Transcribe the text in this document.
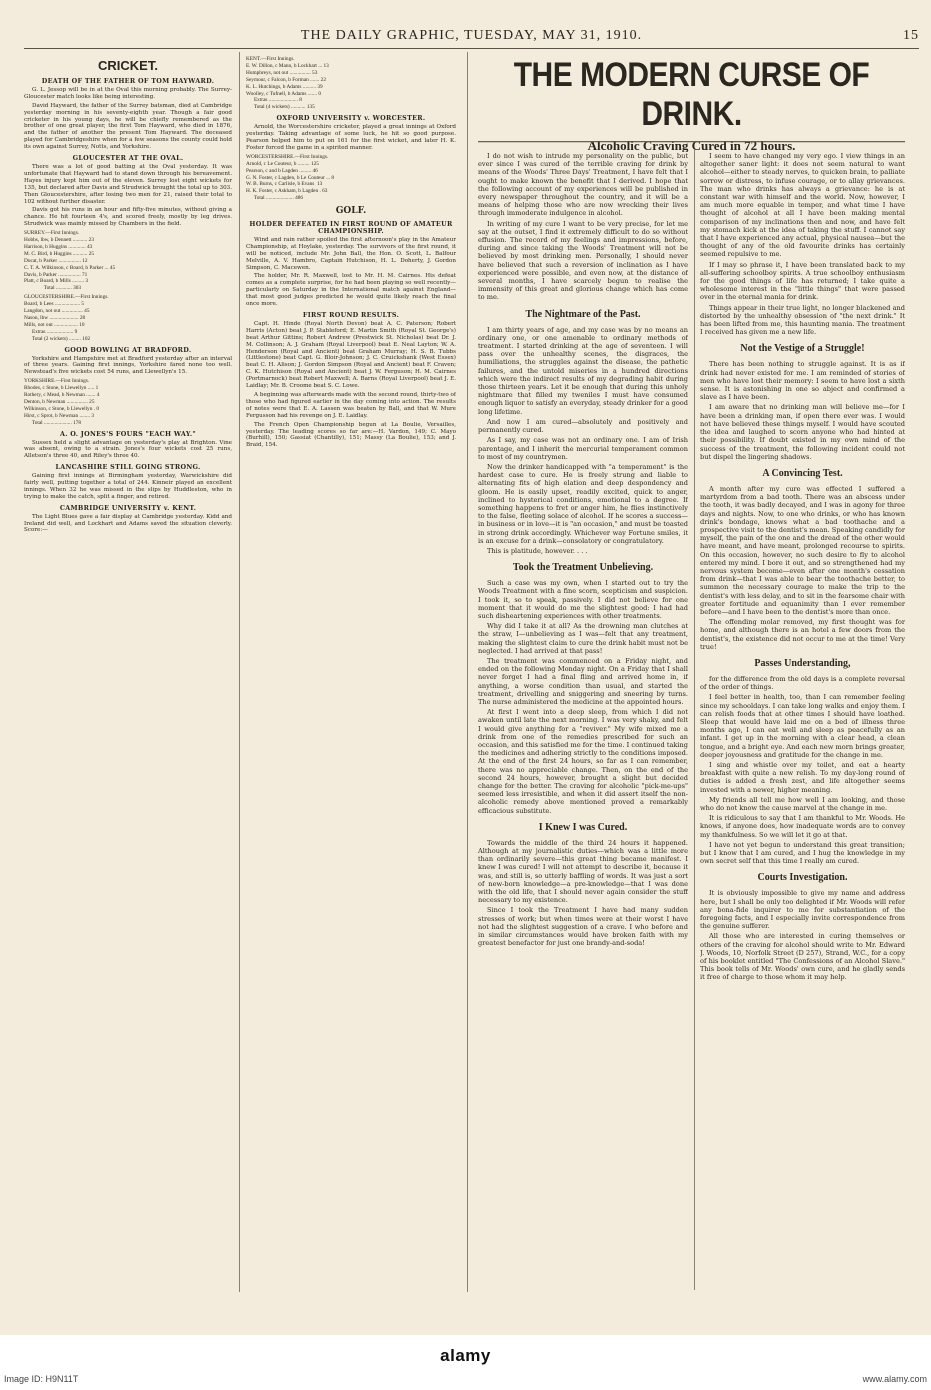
THE DAILY GRAPHIC, TUESDAY, MAY 31, 1910.	15
CRICKET.
DEATH OF THE FATHER OF TOM HAYWARD.

G. L. Jessop will be in at the Oval this morning probably. The Surrey-Gloucester match looks like being interesting.

David Hayward, the father of the Surrey batsman, died at Cambridge yesterday morning in his seventy-eighth year. Though a fair good cricketer in his young days, he will be chiefly remembered as the brother of one great player, the first Tom Hayward, who died in 1876, and the father of another the present Tom Hayward. The deceased played for Cambridgeshire when for a few seasons the county could hold its own against Surrey, Notts, and Yorkshire.

GLOUCESTER AT THE OVAL.

There was a lot of good batting at the Oval yesterday. It was unfortunate that Hayward had to stand down through his bereavement. Hayes injury kept him out of the eleven. Surrey lost eight wickets for 135, but declared after Davis and Strudwick brought the total up to 303. Then Gloucestershire, after losing two men for 21, raised their total to 102 without further disaster.

Davis got his runs in an hour and fifty-five minutes, without giving a chance. He hit fourteen 4's, and scored freely, mostly by leg drives. Strudwick was mainly missed by Chambers in the field.

SURREY.—First Innings.
Hobbs, lbw, b Dennett ........... 23
Harrison, b Huggins ............. 43
M. C. Bird, b Huggins ........... 25
Ducat, b Parker ................. 12
C. T. A. Wilkinson, c Board, b Parker ... 45
Davis, b Parker ................. 71
Platt, c Board, b Mills ......... 3
Total ............ 303

GLOUCESTERSHIRE.—First Innings.
Board, b Lees ................... 5
Langdon, not out ................ 45
Nason, lbw ...................... 28
Mills, not out .................. 10
Extras .................... 9
Total (2 wickets) ......... 102

GOOD BOWLING AT BRADFORD.

Yorkshire and Hampshire met at Bradford yesterday after an interval of three years. Gaining first innings, Yorkshire fared none too well. Newstead's five wickets cost 54 runs, and Llewellyn's 15.

YORKSHIRE.—First Innings.
Rhodes, c Stone, b Llewellyn ..... 1
Rothery, c Mead, b Newman ....... 4
Denton, b Newman ................ 25
Wilkinson, c Stone, b Llewellyn . 0
Hirst, c Sprot, b Newman ........ 3
Total ..................... 178

A. O. JONES'S FOURS "EACH WAY."

Sussex held a slight advantage on yesterday's play at Brighton. Vine was absent, owing to a strain. Jones's four wickets cost 25 runs, Alletson's three 40, and Riley's three 40.

LANCASHIRE STILL GOING STRONG.

Gaining first innings at Birmingham yesterday, Warwickshire did fairly well, putting together a total of 244. Kinneir played an excellent innings. When 32 he was missed in the slips by Huddleston, who in trying to make the catch, split a finger, and retired.

CAMBRIDGE UNIVERSITY v. KENT.

The Light Blues gave a fair display at Cambridge yesterday. Kidd and Ireland did well, and Lockhart and Adams saved the situation cleverly. Score:—

KENT.—First Innings.
E. W. Dillon, c Mann, b Lockhart ... 13
Humphreys, not out ................ 53
Seymour, c Falcon, b Forman ....... 22
K. L. Hutchings, b Adams .......... 39
Woolley, c Tufnell, b Adams ....... 0
Extras ...................... 8
Total (4 wickets) ........... 135

OXFORD UNIVERSITY v. WORCESTER.

Arnold, the Worcestershire cricketer, played a great innings at Oxford yesterday. Taking advantage of some luck, he hit so good purpose. Pearson helped him to put on 161 for the first wicket, and later H. K. Foster forced the game in a spirited manner.

WORCESTERSHIRE.—First Innings.
Arnold, c Le Couteur, b ......... 125
Pearson, c and b Lagden ......... 46
G. N. Foster, c Lagden, b Le Couteur ... 8
W. B. Burns, c Carlisle, b Evans  13
H. K. Foster, c Askham, b Lagden . 63
Total ..................... 486

GOLF.
HOLDER DEFEATED IN FIRST ROUND OF AMATEUR CHAMPIONSHIP.

Wind and rain rather spoiled the first afternoon's play in the Amateur Championship, at Hoylake, yesterday. The survivors of the first round, it will be noticed, include Mr. John Ball, the Hon. O. Scott, L. Balfour Melville, A. V. Hambro, Captain Hutchison, H. L. Doherty, J. Gordon Simpson, C. Macewen.

The holder, Mr. R. Maxwell, lost to Mr. H. M. Cairnes. His defeat comes as a complete surprise, for he had been playing so well recently—particularly on Saturday in the International match against England—that most good judges predicted he would quite likely reach the final once more.

FIRST ROUND RESULTS.

Capt. H. Hinde (Royal North Devon) beat A. C. Paterson; Robert Harris (Acton) beat J. P. Stableford; E. Martin Smith (Royal St. George's) beat Arthur Gittins; Robert Andrew (Prestwick St. Nicholas) beat Dr. J. M. Collinson; A. J. Graham (Royal Liverpool) beat E. Neal Layton; W. A. Henderson (Royal and Ancient) beat Graham Murray; H. S. B. Tubbs (Littlestone) beat Capt. G. Bloir-Johnson; J. C. Cruickshank (West Essex) beat C. H. Alison; J. Gordon Simpson (Royal and Ancient) beat F. Craven; C. K. Hutchison (Royal and Ancient) beat J. W. Ferguson; H. M. Cairnes (Portmarnock) beat Robert Maxwell; A. Barns (Royal Liverpool) beat J. E. Laidlay; Mr. B. Croome beat S. C. Lowe.

A beginning was afterwards made with the second round, thirty-two of those who had figured earlier in the day coming into action. The results of notes were that E. A. Lassen was beaten by Ball, and that W. Mure Fergusson had his revenge on J. E. Laidlay.

The French Open Championship begun at La Boulie, Versailles, yesterday. The leading scores so far are:—H. Vardon, 149; C. Mayo (Burhill), 150; Gassiat (Chantilly), 151; Massy (La Boulie), 153; and J. Braid, 154.

THE MODERN CURSE OF DRINK.
Alcoholic Craving Cured in 72 hours.

I do not wish to intrude my personality on the public, but ever since I was cured of the terrible craving for drink by means of the Woods' Three Days' Treatment, I have felt that I ought to make known the benefit that I derived. I hope that the following account of my experiences will be published in every newspaper throughout the country, and it will be a means of helping those who are now wrecking their lives through immoderate indulgence in alcohol.

In writing of my cure I want to be very precise, for let me say at the outset, I find it extremely difficult to do so without effusion. The record of my feelings and impressions, before, during and since taking the Woods' Treatment will not be believed by most drinking men. Personally, I should never have believed that such a reversion of inclination as I have experienced were possible, and even now, at the distance of several months, I have scarcely begun to realise the immensity of this great and glorious change which has come to me.

The Nightmare of the Past.

I am thirty years of age, and my case was by no means an ordinary one, or one amenable to ordinary methods of treatment. I started drinking at the age of seventeen. I will pass over the unhealthy scenes, the disgraces, the humiliations, the struggles against the disease, the pathetic failures, and the untold miseries in a hundred directions which were the indirect results of my degrading habit during those thirteen years. Let it be enough that during this unholy nightmare that filled my tweniles I must have consumed enough liquor to satisfy an everyday, steady drinker for a good long lifetime.

And now I am cured—absolutely and positively and permanently cured.

As I say, my case was not an ordinary one. I am of Irish parentage, and I inherit the mercurial temperament common to most of my countrymen.

Now the drinker handicapped with "a temperament" is the hardest case to cure. He is freely strung and liable to alternating fits of high elation and deep despondency and gloom. He is easily upset, readily excited, quick to anger, inclined to hysterical conditions, emotional to a degree. If something happens to fret or anger him, he flies instinctively to the false, fleeting solace of alcohol. If he scores a success—in business or in love—it is "an occasion," and must be toasted in strong drink accordingly. Whichever way Fortune smiles, it is an excuse for a drink—consolatory or congratulatory.

This is platitude, however. . . .

Took the Treatment Unbelieving.

Such a case was my own, when I started out to try the Woods Treatment with a fine scorn, scepticism and suspicion. I took it, so to speak, passively. I did not believe for one moment that it would do me the slightest good: I had had such disheartening experiences with other treatments.

Why did I take it at all? As the drowning man clutches at the straw, I—unbelieving as I was—felt that any treatment, making the slightest claim to cure the drink habit must not be neglected. I had arrived at that pass!

The treatment was commenced on a Friday night, and ended on the following Monday night. On a Friday that I shall never forget I had a final fling and arrived home in, if anything, a worse condition than usual, and started the treatment, drivelling and sniggering and sneering by turns. The nurse administered the medicine at the appointed hours.

At first I went into a deep sleep, from which I did not awaken until late the next morning. I was very shaky, and felt I would give anything for a "reviver." My wife mixed me a drink from one of the remedies prescribed for such an occasion, and this satisfied me for the time. I continued taking the medicines and adhering strictly to the conditions imposed. At the end of the first 24 hours, so far as I can remember, there was no appreciable change. Then, on the end of the second 24 hours, however, brought a slight but decided change for the better. The craving for alcoholic "pick-me-ups" seemed less irresistible, and when it did assert itself the non-alcoholic remedy above mentioned proved a remarkably efficacious substitute.

I Knew I was Cured.

Towards the middle of the third 24 hours it happened. Although at my journalistic duties—which was a little more than ordinarily severe—this great thing became manifest. I knew I was cured! I will not attempt to describe it, because it was, and still is, so utterly baffling of words. It was just a sort of new-born knowledge—a pre-knowledge—that I was done with the old life, that I should never again consider the stuff necessary to my existence.

Since I took the Treatment I have had many sudden stresses of work; but when times were at their worst I have not had the slightest suggestion of a crave. I who before and in similar circumstances would have broken faith with my greatest benefactor for just one brandy-and-soda!

I seem to have changed my very ego. I view things in an altogether saner light: it does not seem natural to want alcohol—either to steady nerves, to quicken brain, to palliate sorrow or distress, to infuse courage, or to allay grievances. The man who drinks has always a grievance: he is at constant war with himself and the world. Now, however, I am much more equable in temper, and what time I have thought of alcohol at all I have been making mental comparison of my inclinations then and now, and have felt my stomach kick at the idea of taking the stuff. I cannot say that I have experienced any actual, physical nausea—but the thought of any of the old favourite drinks has certainly seemed repulsive to me.

If I may so phrase it, I have been translated back to my all-suffering schoolboy spirits. A true schoolboy enthusiasm for the good things of life has returned; I take quite a wholesome interest in the "little things" that were passed over in the eternal mania for drink.

Things appear in their true light, no longer blackened and distorted by the unhealthy obsession of "the next drink." It has been lifted from me, this haunting mania. The treatment I received has given me a new life.

Not the Vestige of a Struggle!

There has been nothing to struggle against. It is as if drink had never existed for me. I am reminded of stories of men who have lost their memory: I seem to have lost a sixth sense. It is astonishing in one so abject and confirmed a slave as I have been.

I am aware that no drinking man will believe me—for I have been a drinking man, if open there ever was. I would not have believed these things myself. I would have scouted the idea and laughed to scorn anyone who had hinted at their possibility. If doubt existed in my own mind of the success of the treatment, the following incident could not but dispel the lingering shadows.

A Convincing Test.

A month after my cure was effected I suffered a martyrdom from a bad tooth. There was an abscess under the tooth, it was badly decayed, and I was in agony for three days and nights. Now, to one who drinks, or who has known drink's bondage, knows what a bad toothache and a prospective visit to the dentist's mean. Speaking candidly for myself, the pain of the one and the dread of the other would have meant, and have meant, prolonged recourse to spirits. On this occasion, however, no such desire to fly to alcohol entered my mind. I bore it out, and so strengthened had my nervous system become—even after one month's cessation from drink—that I was able to bear the toothache better, to summon the necessary courage to make the trip to the dentist's with less delay, and to sit in the fearsome chair with greater fortitude and equanimity than I ever remember before—and I have been to the dentist's more than once.

The offending molar removed, my first thought was for home, and although there is an hotel a few doors from the dentist's, the existence did not occur to me at the time! Very true!

Passes Understanding,

for the difference from the old days is a complete reversal of the order of things.

I feel better in health, too, than I can remember feeling since my schooldays. I can take long walks and enjoy them. I can relish foods that at other times I should have loathed. Sleep that would have laid me on a bed of illness three months ago, I can eat well and sleep as peacefully as an infant. I get up in the morning with a clear head, a clean tongue, and a bright eye. And each new morn brings greater, deeper joyousness and gratitude for the change in me.

I sing and whistle over my toilet, and eat a hearty breakfast with quite a new relish. To my day-long round of duties is added a fresh zest, and life altogether seems invested with a newer, higher meaning.

My friends all tell me how well I am looking, and those who do not know the cause marvel at the change in me.

It is ridiculous to say that I am thankful to Mr. Woods. He knows, if anyone does, how inadequate words are to convey my thankfulness. So we will let it go at that.

I have not yet begun to understand this great transition; but I know that I am cured, and I hug the knowledge in my own secret self that this time I really am cured.

Courts Investigation.

It is obviously impossible to give my name and address here, but I shall be only too delighted if Mr. Woods will refer any bona-fide inquirer to me for substantiation of the foregoing facts, and I especially invite correspondence from the genuine sufferer.

All those who are interested in curing themselves or others of the craving for alcohol should write to Mr. Edward J. Woods, 10, Norfolk Street (D 257), Strand, W.C., for a copy of his booklet entitled "The Confessions of an Alcohol Slave." This book tells of Mr. Woods' own cure, and he gladly sends it free of charge to those whom it may help.

alamy
Image ID: H9N11T	www.alamy.com
